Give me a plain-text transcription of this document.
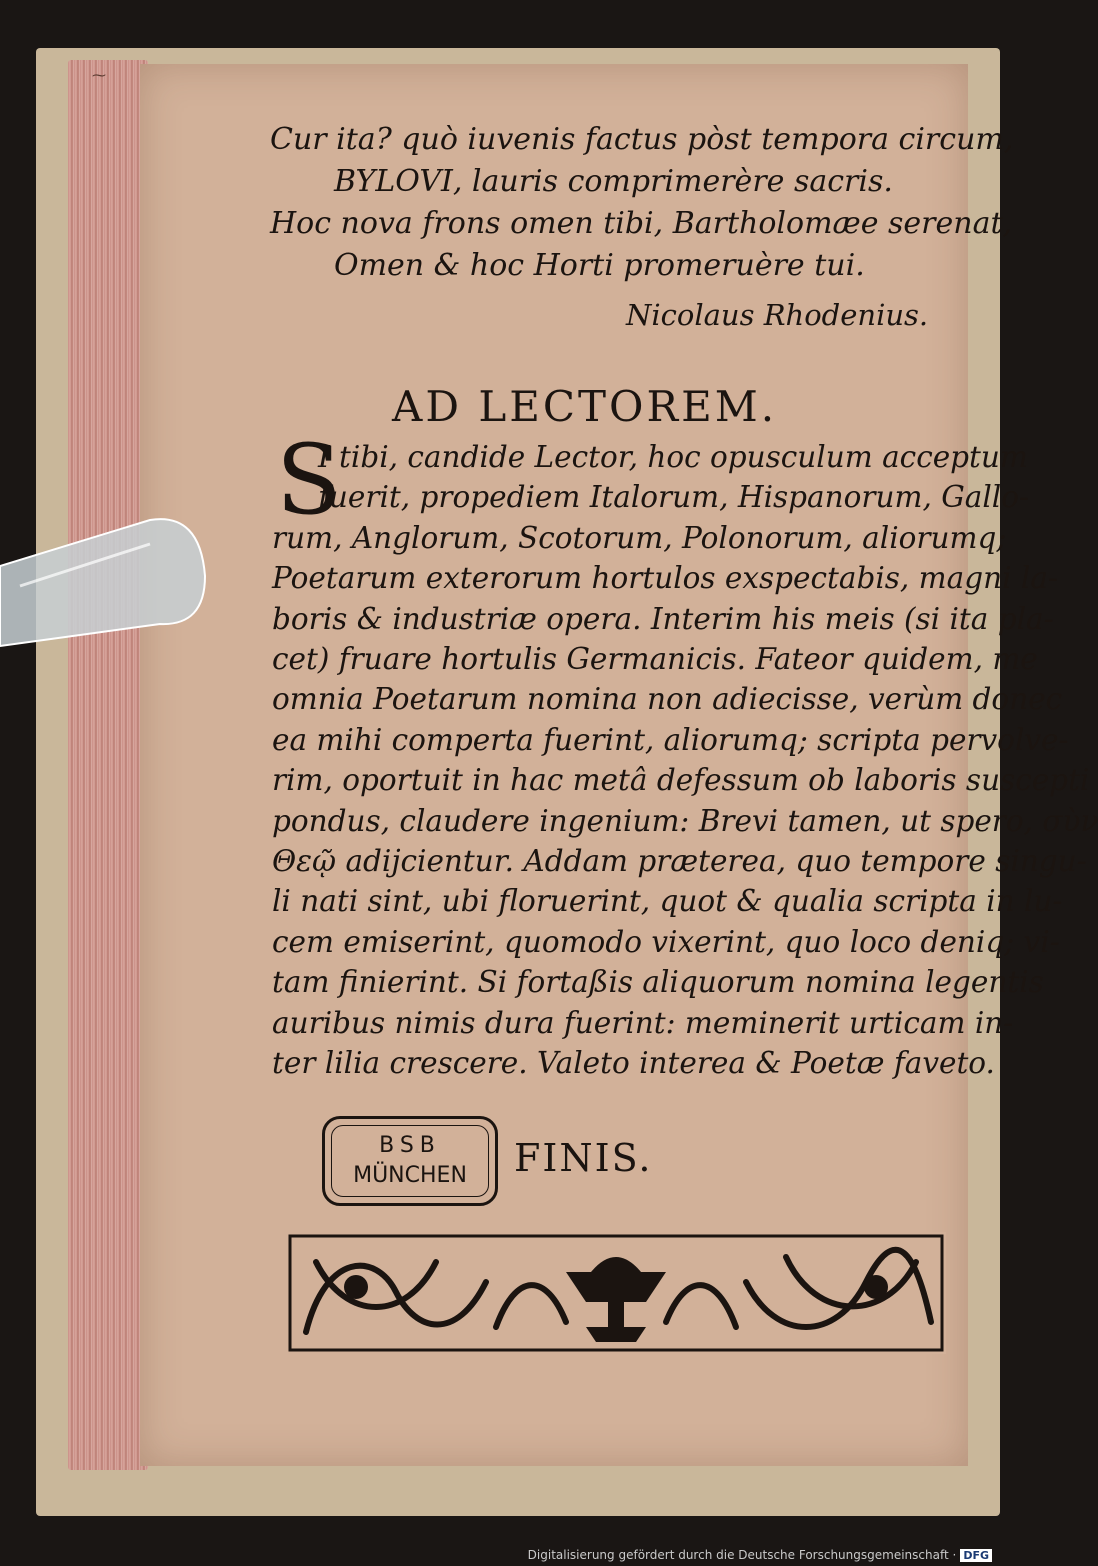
⁓
Cur ita? quò iuvenis factus pòst tempora circum,
BYLOVI, lauris comprimerère sacris.
Hoc nova frons omen tibi, Bartholomæe serenat,
Omen & hoc Horti promeruère tui.
Nicolaus Rhodenius.
AD LECTOREM.
S
I tibi, candide Lector, hoc opusculum acceptum
fuerit, propediem Italorum, Hispanorum, Gallo-
rum, Anglorum, Scotorum, Polonorum, aliorumq;
Poetarum exterorum hortulos exspectabis, magni la-
boris & industriæ opera. Interim his meis (si ita pla-
cet) fruare hortulis Germanicis. Fateor quidem, me
omnia Poetarum nomina non adiecisse, verùm donec
ea mihi comperta fuerint, aliorumq; scripta pervolve-
rim, oportuit in hac metâ defessum ob laboris suscepti
pondus, claudere ingenium: Brevi tamen, ut spero, σὺν
Θεῷ adijcientur. Addam præterea, quo tempore singu-
li nati sint, ubi floruerint, quot & qualia scripta in lu-
cem emiserint, quomodo vixerint, quo loco deniq; vi-
tam finierint. Si fortaßis aliquorum nomina legentis
auribus nimis dura fuerint: meminerit urticam in-
ter lilia crescere. Valeto interea & Poetæ faveto.
BSB
MÜNCHEN	FINIS.
Digitalisierung gefördert durch die Deutsche Forschungsgemeinschaft · DFG
